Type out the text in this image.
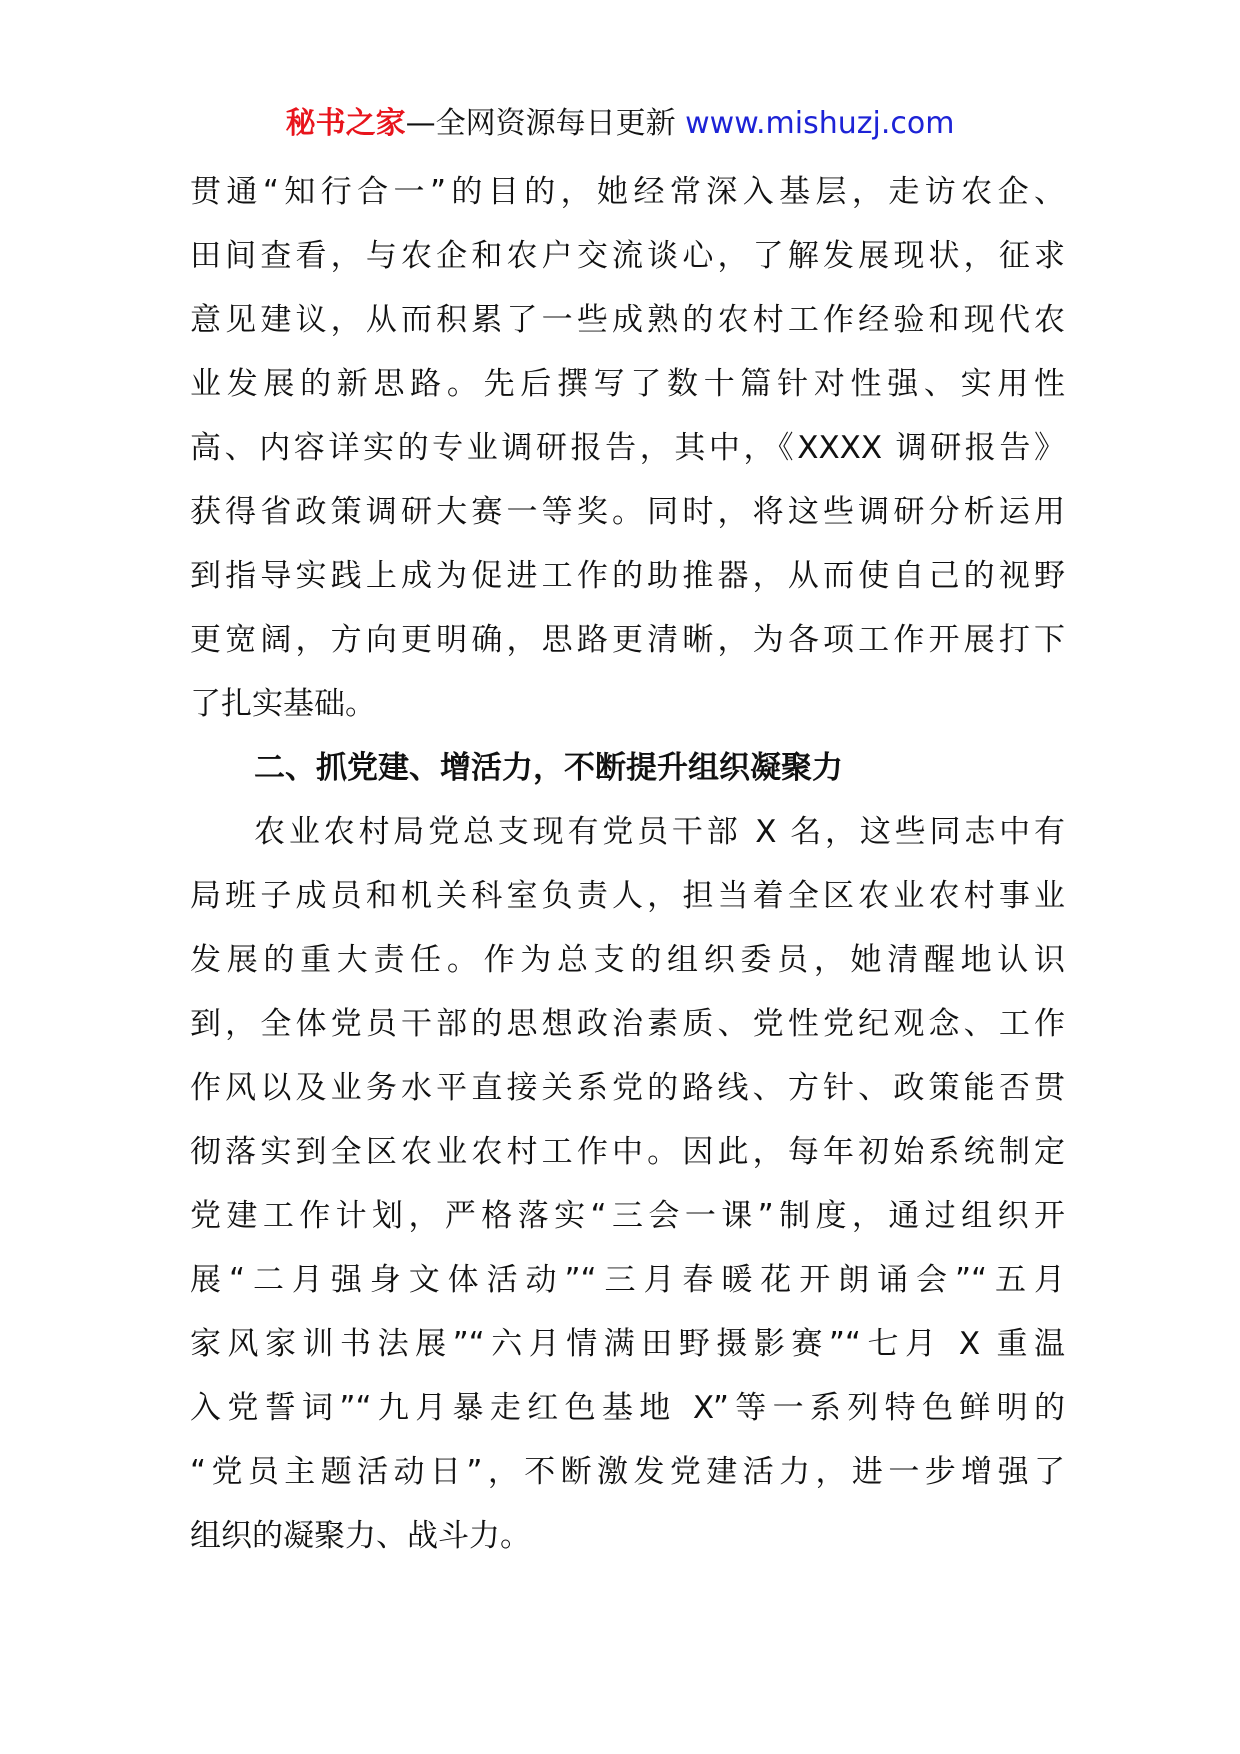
秘书之家—全网资源每日更新 www.mishuzj.com
贯通“知行合一”的目的，她经常深入基层，走访农企、
田间查看，与农企和农户交流谈心，了解发展现状，征求
意见建议，从而积累了一些成熟的农村工作经验和现代农
业发展的新思路。先后撰写了数十篇针对性强、实用性
高、内容详实的专业调研报告，其中，《XXXX 调研报告》
获得省政策调研大赛一等奖。同时，将这些调研分析运用
到指导实践上成为促进工作的助推器，从而使自己的视野
更宽阔，方向更明确，思路更清晰，为各项工作开展打下
了扎实基础。
二、抓党建、增活力，不断提升组织凝聚力
农业农村局党总支现有党员干部 X 名，这些同志中有
局班子成员和机关科室负责人，担当着全区农业农村事业
发展的重大责任。作为总支的组织委员，她清醒地认识
到，全体党员干部的思想政治素质、党性党纪观念、工作
作风以及业务水平直接关系党的路线、方针、政策能否贯
彻落实到全区农业农村工作中。因此，每年初始系统制定
党建工作计划，严格落实“三会一课”制度，通过组织开
展“二月强身文体活动”“三月春暖花开朗诵会”“五月
家风家训书法展”“六月情满田野摄影赛”“七月 X 重温
入党誓词”“九月暴走红色基地 X”等一系列特色鲜明的
“党员主题活动日”，不断激发党建活力，进一步增强了
组织的凝聚力、战斗力。
